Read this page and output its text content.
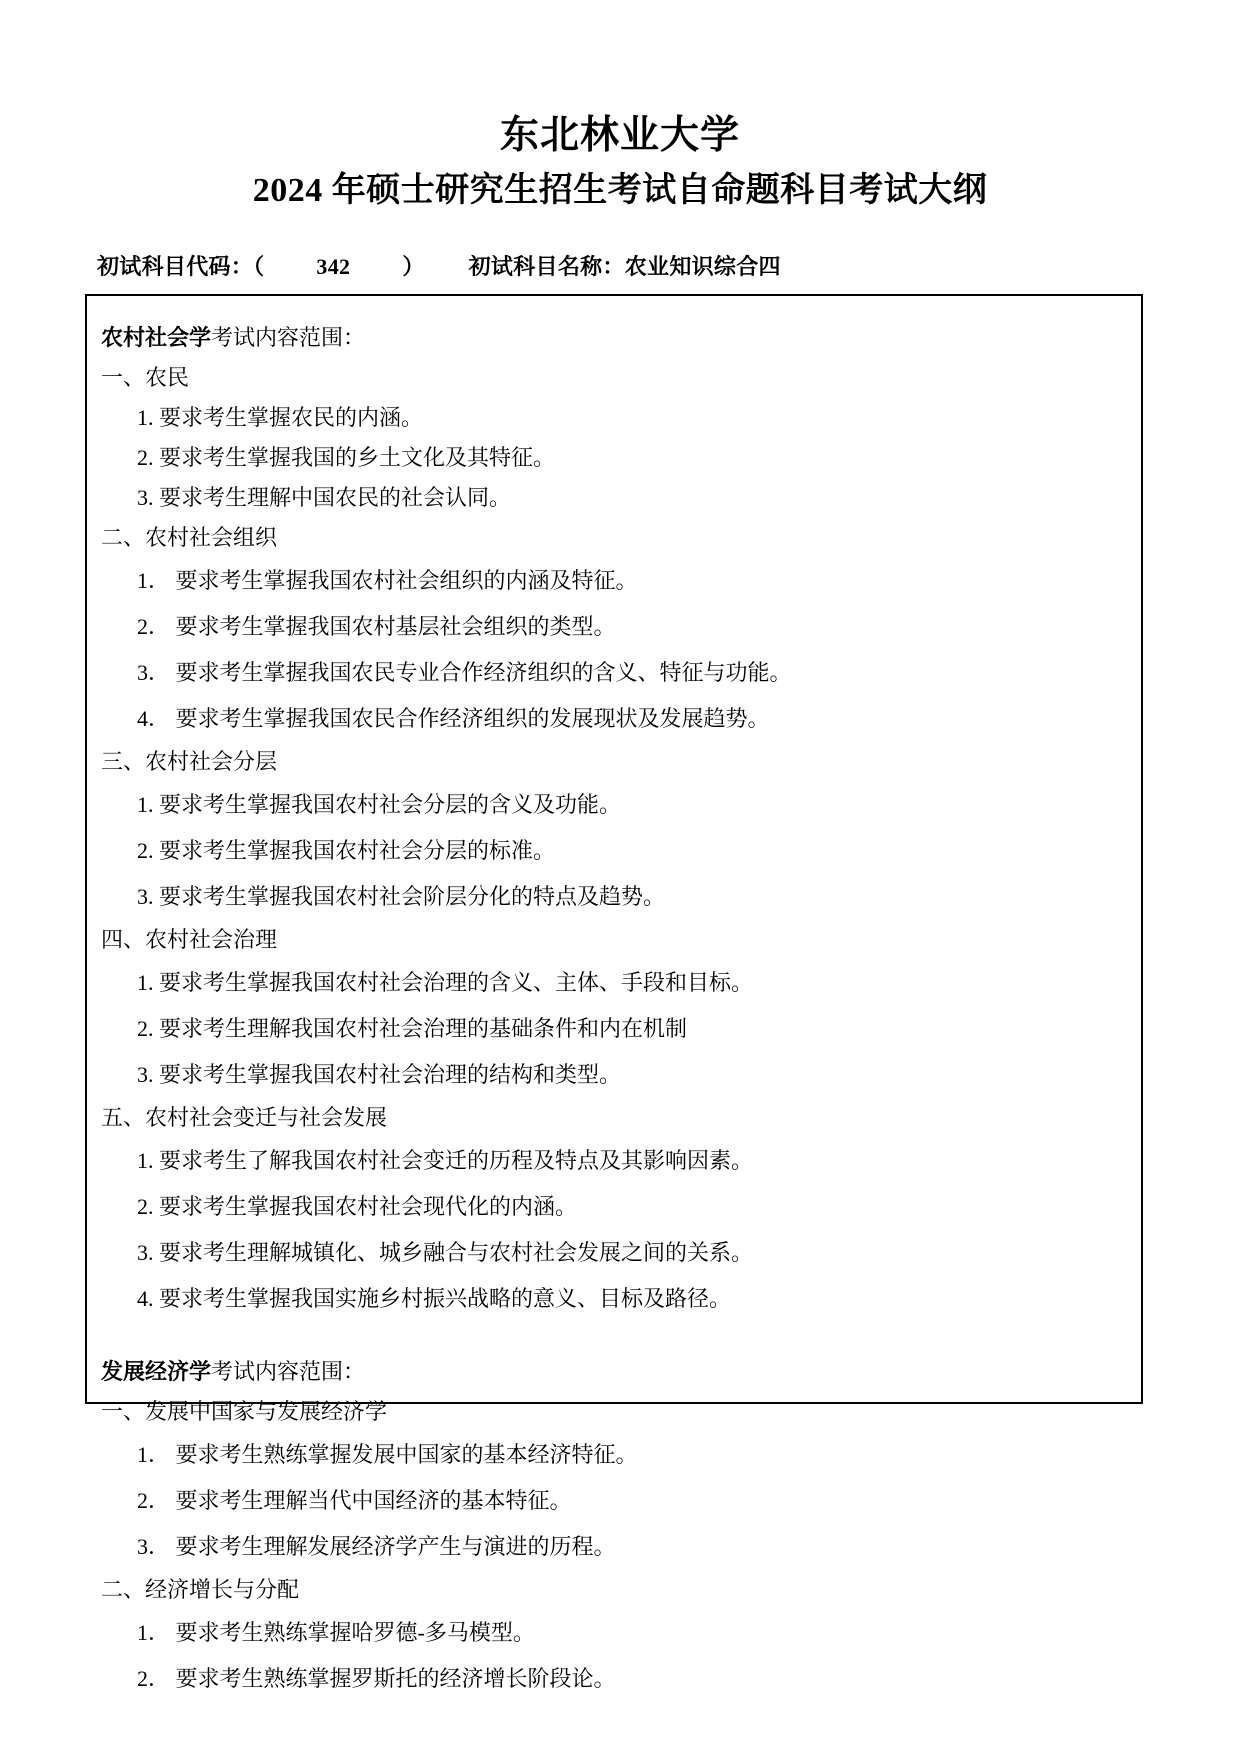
东北林业大学
2024 年硕士研究生招生考试自命题科目考试大纲
初试科目代码：（ 342 ） 初试科目名称：农业知识综合四
农村社会学考试内容范围：
一、农民
1. 要求考生掌握农民的内涵。
2. 要求考生掌握我国的乡土文化及其特征。
3. 要求考生理解中国农民的社会认同。
二、农村社会组织
1． 要求考生掌握我国农村社会组织的内涵及特征。
2． 要求考生掌握我国农村基层社会组织的类型。
3． 要求考生掌握我国农民专业合作经济组织的含义、特征与功能。
4． 要求考生掌握我国农民合作经济组织的发展现状及发展趋势。
三、农村社会分层
1. 要求考生掌握我国农村社会分层的含义及功能。
2. 要求考生掌握我国农村社会分层的标准。
3. 要求考生掌握我国农村社会阶层分化的特点及趋势。
四、农村社会治理
1. 要求考生掌握我国农村社会治理的含义、主体、手段和目标。
2. 要求考生理解我国农村社会治理的基础条件和内在机制
3. 要求考生掌握我国农村社会治理的结构和类型。
五、农村社会变迁与社会发展
1. 要求考生了解我国农村社会变迁的历程及特点及其影响因素。
2. 要求考生掌握我国农村社会现代化的内涵。
3. 要求考生理解城镇化、城乡融合与农村社会发展之间的关系。
4. 要求考生掌握我国实施乡村振兴战略的意义、目标及路径。
发展经济学考试内容范围：
一、发展中国家与发展经济学
1． 要求考生熟练掌握发展中国家的基本经济特征。
2． 要求考生理解当代中国经济的基本特征。
3． 要求考生理解发展经济学产生与演进的历程。
二、经济增长与分配
1． 要求考生熟练掌握哈罗德-多马模型。
2． 要求考生熟练掌握罗斯托的经济增长阶段论。
